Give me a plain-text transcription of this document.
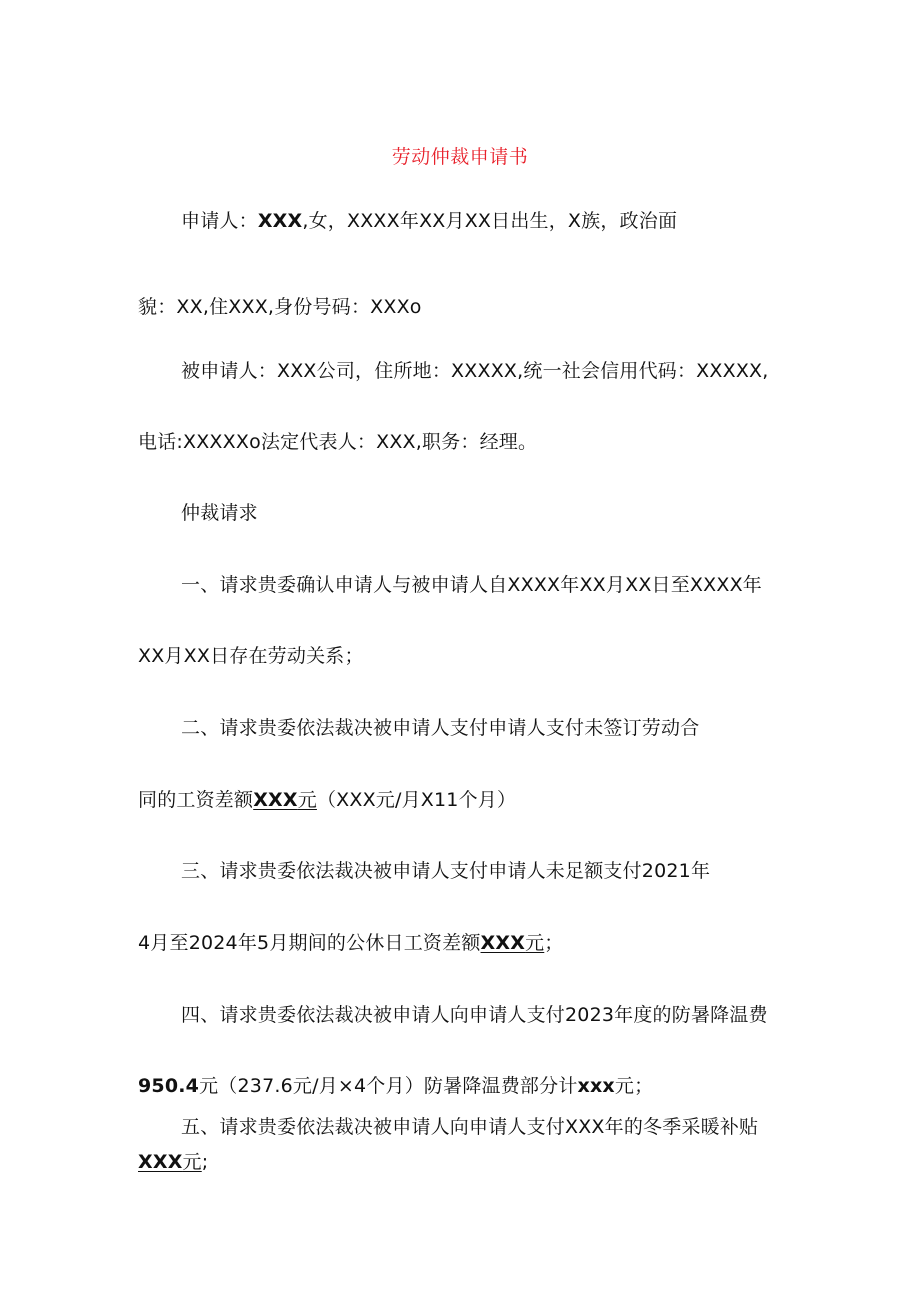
劳动仲裁申请书
申请人：XXX,女，XXXX年XX月XX日出生，X族，政治面
貌：XX,住XXX,身份号码：XXXo
被申请人：XXX公司，住所地：XXXXX,统一社会信用代码：XXXXX,
电话:XXXXXo法定代表人：XXX,职务：经理。
仲裁请求
一、请求贵委确认申请人与被申请人自XXXX年XX月XX日至XXXX年
XX月XX日存在劳动关系；
二、请求贵委依法裁决被申请人支付申请人支付未签订劳动合
同的工资差额XXX元（XXX元/月X11个月）
三、请求贵委依法裁决被申请人支付申请人未足额支付2021年
4月至2024年5月期间的公休日工资差额XXX元；
四、请求贵委依法裁决被申请人向申请人支付2023年度的防暑降温费
950.4元（237.6元/月×4个月）防暑降温费部分计xxx元；
五、请求贵委依法裁决被申请人向申请人支付XXX年的冬季采暖补贴
XXX元;
